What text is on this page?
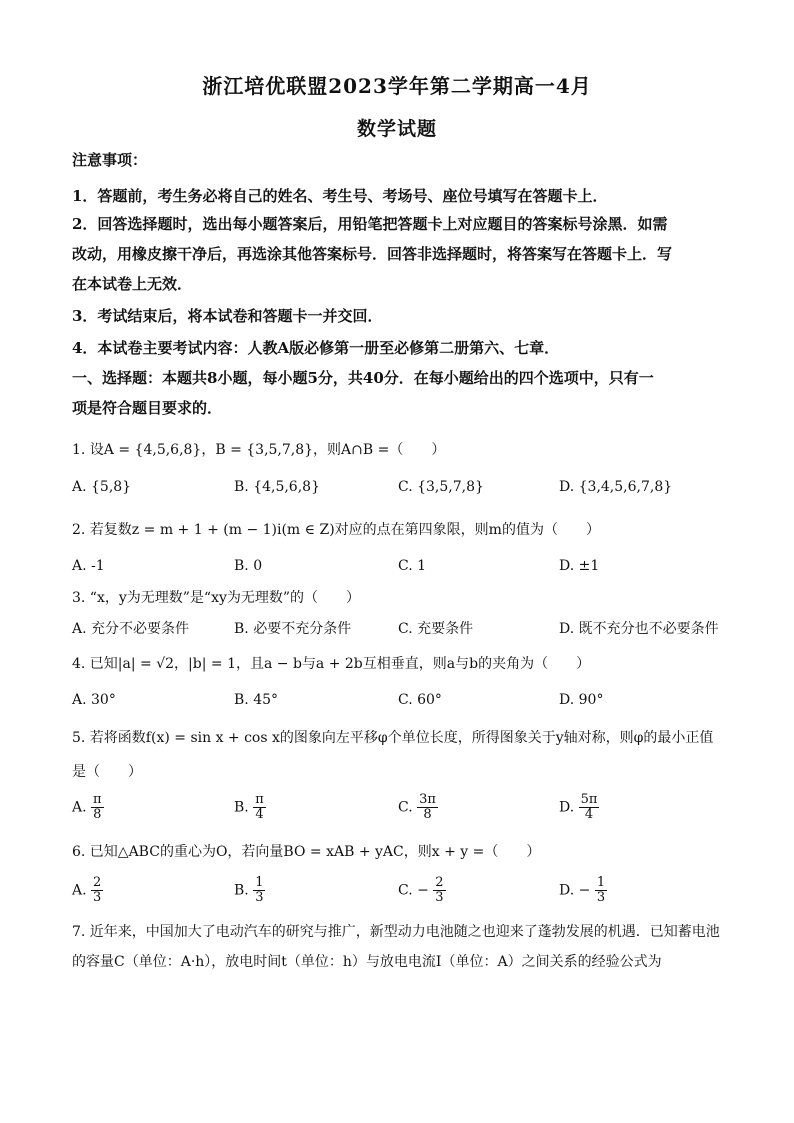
浙江培优联盟2023学年第二学期高一4月
数学试题
注意事项：
1．答题前，考生务必将自己的姓名、考生号、考场号、座位号填写在答题卡上．
2．回答选择题时，选出每小题答案后，用铅笔把答题卡上对应题目的答案标号涂黑．如需
改动，用橡皮擦干净后，再选涂其他答案标号．回答非选择题时，将答案写在答题卡上．写
在本试卷上无效．
3．考试结束后，将本试卷和答题卡一并交回．
4．本试卷主要考试内容：人教A版必修第一册至必修第二册第六、七章．
一、选择题：本题共8小题，每小题5分，共40分．在每小题给出的四个选项中，只有一
项是符合题目要求的．
1. 设A = {4,5,6,8}，B = {3,5,7,8}，则A∩B =（　　）
A. {5,8}	B. {4,5,6,8}	C. {3,5,7,8}	D. {3,4,5,6,7,8}
2. 若复数z = m + 1 + (m − 1)i(m ∈ Z)对应的点在第四象限，则m的值为（　　）
A. -1	B. 0	C. 1	D. ±1
3. “x，y为无理数”是“xy为无理数”的（　　）
A. 充分不必要条件	B. 必要不充分条件	C. 充要条件	D. 既不充分也不必要条件
4. 已知|a| = √2，|b| = 1，且a − b与a + 2b互相垂直，则a与b的夹角为（　　）
A. 30°	B. 45°	C. 60°	D. 90°
5. 若将函数f(x) = sin x + cos x的图象向左平移φ个单位长度，所得图象关于y轴对称，则φ的最小正值
是（　　）
A. $\frac{\pi}{8}$	B. $\frac{\pi}{4}$	C. $\frac{3\pi}{8}$	D. $\frac{5\pi}{4}$
6. 已知△ABC的重心为O，若向量BO = xAB + yAC，则x + y =（　　）
A. $\frac{2}{3}$	B. $\frac{1}{3}$	C. − $\frac{2}{3}$	D. − $\frac{1}{3}$
7. 近年来，中国加大了电动汽车的研究与推广，新型动力电池随之也迎来了蓬勃发展的机遇．已知蓄电池
的容量C（单位：A·h），放电时间t（单位：h）与放电电流I（单位：A）之间关系的经验公式为
